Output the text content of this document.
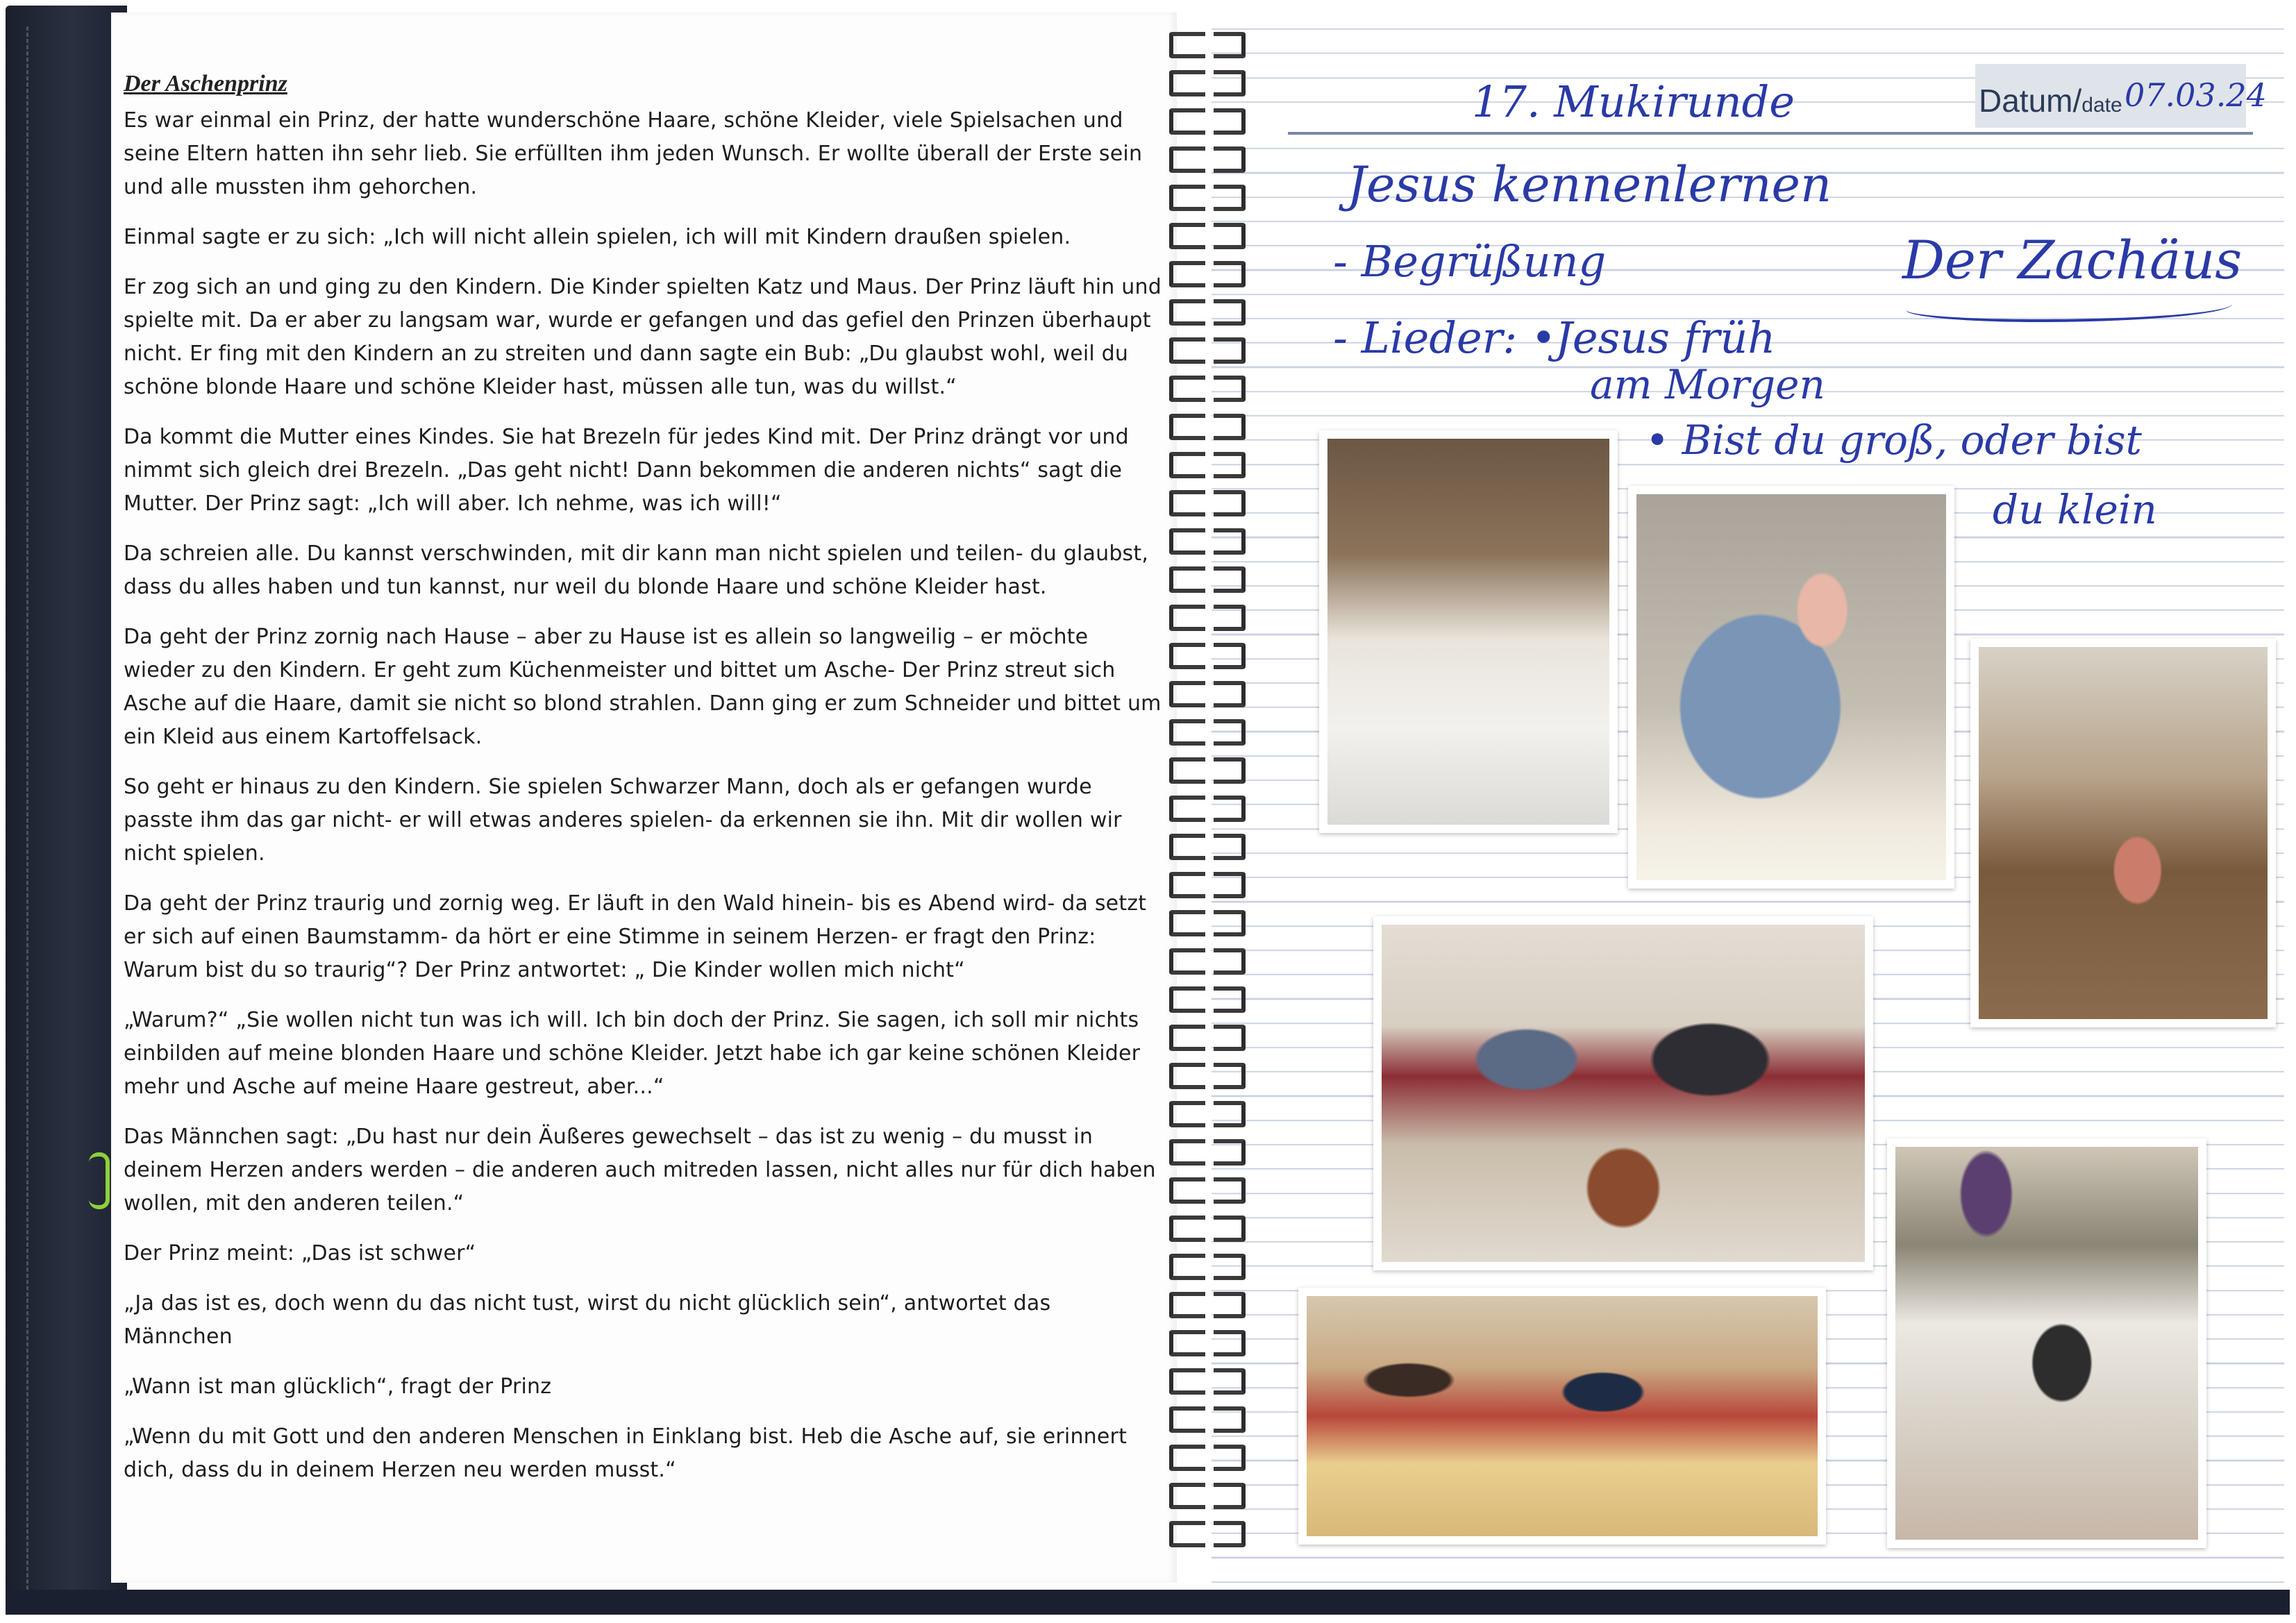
Der Aschenprinz

Es war einmal ein Prinz, der hatte wunderschöne Haare, schöne Kleider, viele Spielsachen und seine Eltern hatten ihn sehr lieb. Sie erfüllten ihm jeden Wunsch. Er wollte überall der Erste sein und alle mussten ihm gehorchen.

Einmal sagte er zu sich: „Ich will nicht allein spielen, ich will mit Kindern draußen spielen.

Er zog sich an und ging zu den Kindern. Die Kinder spielten Katz und Maus. Der Prinz läuft hin und spielte mit. Da er aber zu langsam war, wurde er gefangen und das gefiel den Prinzen überhaupt nicht. Er fing mit den Kindern an zu streiten und dann sagte ein Bub: „Du glaubst wohl, weil du schöne blonde Haare und schöne Kleider hast, müssen alle tun, was du willst.“

Da kommt die Mutter eines Kindes. Sie hat Brezeln für jedes Kind mit. Der Prinz drängt vor und nimmt sich gleich drei Brezeln. „Das geht nicht! Dann bekommen die anderen nichts“ sagt die Mutter. Der Prinz sagt: „Ich will aber. Ich nehme, was ich will!“

Da schreien alle. Du kannst verschwinden, mit dir kann man nicht spielen und teilen- du glaubst, dass du alles haben und tun kannst, nur weil du blonde Haare und schöne Kleider hast.

Da geht der Prinz zornig nach Hause – aber zu Hause ist es allein so langweilig – er möchte wieder zu den Kindern. Er geht zum Küchenmeister und bittet um Asche- Der Prinz streut sich Asche auf die Haare, damit sie nicht so blond strahlen. Dann ging er zum Schneider und bittet um ein Kleid aus einem Kartoffelsack.

So geht er hinaus zu den Kindern. Sie spielen Schwarzer Mann, doch als er gefangen wurde passte ihm das gar nicht- er will etwas anderes spielen- da erkennen sie ihn. Mit dir wollen wir nicht spielen.

Da geht der Prinz traurig und zornig weg. Er läuft in den Wald hinein- bis es Abend wird- da setzt er sich auf einen Baumstamm- da hört er eine Stimme in seinem Herzen- er fragt den Prinz: Warum bist du so traurig“? Der Prinz antwortet: „ Die Kinder wollen mich nicht“

„Warum?“ „Sie wollen nicht tun was ich will. Ich bin doch der Prinz. Sie sagen, ich soll mir nichts einbilden auf meine blonden Haare und schöne Kleider. Jetzt habe ich gar keine schönen Kleider mehr und Asche auf meine Haare gestreut, aber...“

Das Männchen sagt: „Du hast nur dein Äußeres gewechselt – das ist zu wenig – du musst in deinem Herzen anders werden – die anderen auch mitreden lassen, nicht alles nur für dich haben wollen, mit den anderen teilen.“

Der Prinz meint: „Das ist schwer“

„Ja das ist es, doch wenn du das nicht tust, wirst du nicht glücklich sein“, antwortet das Männchen

„Wann ist man glücklich“, fragt der Prinz

„Wenn du mit Gott und den anderen Menschen in Einklang bist. Heb die Asche auf, sie erinnert dich, dass du in deinem Herzen neu werden musst.“

Datum/date 07.03.24

17. Mukirunde

Jesus kennenlernen

- Begrüßung	Der Zachäus

- Lieder: •

Jesus früh

am Morgen

• Bist du groß, oder bist

du klein
